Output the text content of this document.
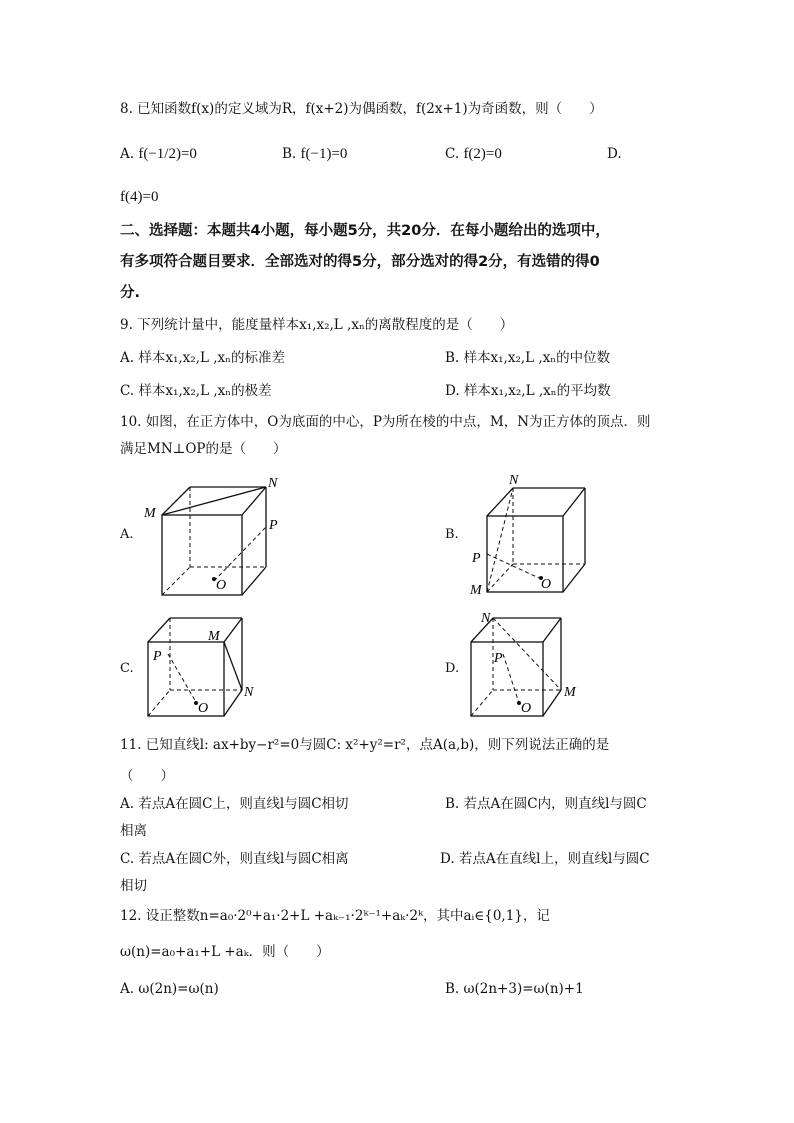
8. 已知函数f(x)的定义域为R，f(x+2)为偶函数，f(2x+1)为奇函数，则（　　）
A. f(−1/2)=0	B. f(−1)=0	C. f(2)=0	D.
f(4)=0
二、选择题：本题共4小题，每小题5分，共20分．在每小题给出的选项中，
有多项符合题目要求．全部选对的得5分，部分选对的得2分，有选错的得0
分.
9. 下列统计量中，能度量样本x₁,x₂,L ,xₙ的离散程度的是（　　）
A. 样本x₁,x₂,L ,xₙ的标准差	B. 样本x₁,x₂,L ,xₙ的中位数
C. 样本x₁,x₂,L ,xₙ的极差	D. 样本x₁,x₂,L ,xₙ的平均数
10. 如图，在正方体中，O为底面的中心，P为所在棱的中点，M，N为正方体的顶点．则
满足MN⊥OP的是（　　）
A.
M
N
P
O
B.
N
P
M	O
C.
M
P
N
O
D.
N
P
M
O
11. 已知直线l: ax+by−r²=0与圆C: x²+y²=r²，点A(a,b)，则下列说法正确的是
（　　）
A. 若点A在圆C上，则直线l与圆C相切	B. 若点A在圆C内，则直线l与圆C
相离
C. 若点A在圆C外，则直线l与圆C相离	D. 若点A在直线l上，则直线l与圆C
相切
12. 设正整数n=a₀·2⁰+a₁·2+L +aₖ₋₁·2ᵏ⁻¹+aₖ·2ᵏ，其中aᵢ∈{0,1}，记
ω(n)=a₀+a₁+L +aₖ．则（　　）
A. ω(2n)=ω(n)	B. ω(2n+3)=ω(n)+1
